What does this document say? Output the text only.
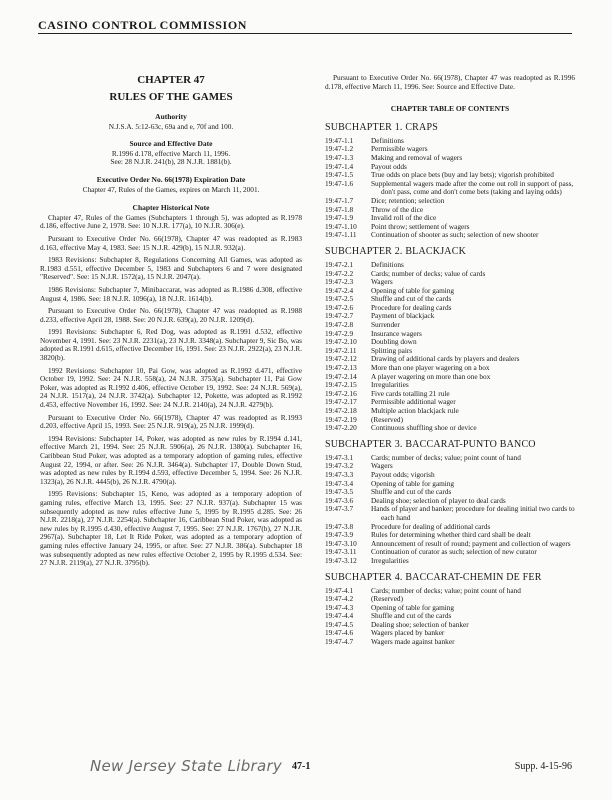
CASINO CONTROL COMMISSION
CHAPTER 47
RULES OF THE GAMES
Authority
N.J.S.A. 5:12-63c, 69a and e, 70f and 100.
Source and Effective Date
R.1996 d.178, effective March 11, 1996.
See: 28 N.J.R. 241(b), 28 N.J.R. 1881(b).
Executive Order No. 66(1978) Expiration Date
Chapter 47, Rules of the Games, expires on March 11, 2001.
Chapter Historical Note

Chapter 47, Rules of the Games (Subchapters 1 through 5), was adopted as R.1978 d.186, effective June 2, 1978. See: 10 N.J.R. 177(a), 10 N.J.R. 306(e).

Pursuant to Executive Order No. 66(1978), Chapter 47 was readopted as R.1983 d.163, effective May 4, 1983. See: 15 N.J.R. 429(b), 15 N.J.R. 932(a).

1983 Revisions: Subchapter 8, Regulations Concerning All Games, was adopted as R.1983 d.551, effective December 5, 1983 and Subchapters 6 and 7 were designated "Reserved". See: 15 N.J.R. 1572(a), 15 N.J.R. 2047(a).

1986 Revisions: Subchapter 7, Minibaccarat, was adopted as R.1986 d.308, effective August 4, 1986. See: 18 N.J.R. 1096(a), 18 N.J.R. 1614(b).

Pursuant to Executive Order No. 66(1978), Chapter 47 was readopted as R.1988 d.233, effective April 28, 1988. See: 20 N.J.R. 639(a), 20 N.J.R. 1209(d).

1991 Revisions: Subchapter 6, Red Dog, was adopted as R.1991 d.532, effective November 4, 1991. See: 23 N.J.R. 2231(a), 23 N.J.R. 3348(a). Subchapter 9, Sic Bo, was adopted as R.1991 d.615, effective December 16, 1991. See: 23 N.J.R. 2922(a), 23 N.J.R. 3820(b).

1992 Revisions: Subchapter 10, Pai Gow, was adopted as R.1992 d.471, effective October 19, 1992. See: 24 N.J.R. 558(a), 24 N.J.R. 3753(a). Subchapter 11, Pai Gow Poker, was adopted as R.1992 d.406, effective October 19, 1992. See: 24 N.J.R. 569(a), 24 N.J.R. 1517(a), 24 N.J.R. 3742(a). Subchapter 12, Pokette, was adopted as R.1992 d.453, effective November 16, 1992. See: 24 N.J.R. 2140(a), 24 N.J.R. 4279(b).

Pursuant to Executive Order No. 66(1978), Chapter 47 was readopted as R.1993 d.203, effective April 15, 1993. See: 25 N.J.R. 919(a), 25 N.J.R. 1999(d).

1994 Revisions: Subchapter 14, Poker, was adopted as new rules by R.1994 d.141, effective March 21, 1994. See: 25 N.J.R. 5906(a), 26 N.J.R. 1380(a). Subchapter 16, Caribbean Stud Poker, was adopted as a temporary adoption of gaming rules, effective August 22, 1994, or after. See: 26 N.J.R. 3464(a). Subchapter 17, Double Down Stud, was adopted as new rules by R.1994 d.593, effective December 5, 1994. See: 26 N.J.R. 1323(a), 26 N.J.R. 4445(b), 26 N.J.R. 4790(a).

1995 Revisions: Subchapter 15, Keno, was adopted as a temporary adoption of gaming rules, effective March 13, 1995. See: 27 N.J.R. 937(a). Subchapter 15 was subsequently adopted as new rules effective June 5, 1995 by R.1995 d.285. See: 26 N.J.R. 2218(a), 27 N.J.R. 2254(a). Subchapter 16, Caribbean Stud Poker, was adopted as new rules by R.1995 d.430, effective August 7, 1995. See: 27 N.J.R. 1767(b), 27 N.J.R. 2967(a). Subchapter 18, Let It Ride Poker, was adopted as a temporary adoption of gaming rules effective January 24, 1995, or after. See: 27 N.J.R. 386(a). Subchapter 18 was subsequently adopted as new rules effective October 2, 1995 by R.1995 d.534. See: 27 N.J.R. 2119(a), 27 N.J.R. 3795(b).

Pursuant to Executive Order No. 66(1978), Chapter 47 was readopted as R.1996 d.178, effective March 11, 1996. See: Source and Effective Date.
CHAPTER TABLE OF CONTENTS
SUBCHAPTER 1. CRAPS
19:47-1.1	Definitions
19:47-1.2	Permissible wagers
19:47-1.3	Making and removal of wagers
19:47-1.4	Payout odds
19:47-1.5	True odds on place bets (buy and lay bets); vigorish prohibited
19:47-1.6	Supplemental wagers made after the come out roll in support of pass, don't pass, come and don't come bets (taking and laying odds)
19:47-1.7	Dice; retention; selection
19:47-1.8	Throw of the dice
19:47-1.9	Invalid roll of the dice
19:47-1.10	Point throw; settlement of wagers
19:47-1.11	Continuation of shooter as such; selection of new shooter
SUBCHAPTER 2. BLACKJACK
19:47-2.1	Definitions
19:47-2.2	Cards; number of decks; value of cards
19:47-2.3	Wagers
19:47-2.4	Opening of table for gaming
19:47-2.5	Shuffle and cut of the cards
19:47-2.6	Procedure for dealing cards
19:47-2.7	Payment of blackjack
19:47-2.8	Surrender
19:47-2.9	Insurance wagers
19:47-2.10	Doubling down
19:47-2.11	Splitting pairs
19:47-2.12	Drawing of additional cards by players and dealers
19:47-2.13	More than one player wagering on a box
19:47-2.14	A player wagering on more than one box
19:47-2.15	Irregularities
19:47-2.16	Five cards totalling 21 rule
19:47-2.17	Permissible additional wager
19:47-2.18	Multiple action blackjack rule
19:47-2.19	(Reserved)
19:47-2.20	Continuous shuffling shoe or device
SUBCHAPTER 3. BACCARAT-PUNTO BANCO
19:47-3.1	Cards; number of decks; value; point count of hand
19:47-3.2	Wagers
19:47-3.3	Payout odds; vigorish
19:47-3.4	Opening of table for gaming
19:47-3.5	Shuffle and cut of the cards
19:47-3.6	Dealing shoe; selection of player to deal cards
19:47-3.7	Hands of player and banker; procedure for dealing initial two cards to each hand
19:47-3.8	Procedure for dealing of additional cards
19:47-3.9	Rules for determining whether third card shall be dealt
19:47-3.10	Announcement of result of round; payment and collection of wagers
19:47-3.11	Continuation of curator as such; selection of new curator
19:47-3.12	Irregularities
SUBCHAPTER 4. BACCARAT-CHEMIN DE FER
19:47-4.1	Cards; number of decks; value; point count of hand
19:47-4.2	(Reserved)
19:47-4.3	Opening of table for gaming
19:47-4.4	Shuffle and cut of the cards
19:47-4.5	Dealing shoe; selection of banker
19:47-4.6	Wagers placed by banker
19:47-4.7	Wagers made against banker
New Jersey State Library 47-1	Supp. 4-15-96
